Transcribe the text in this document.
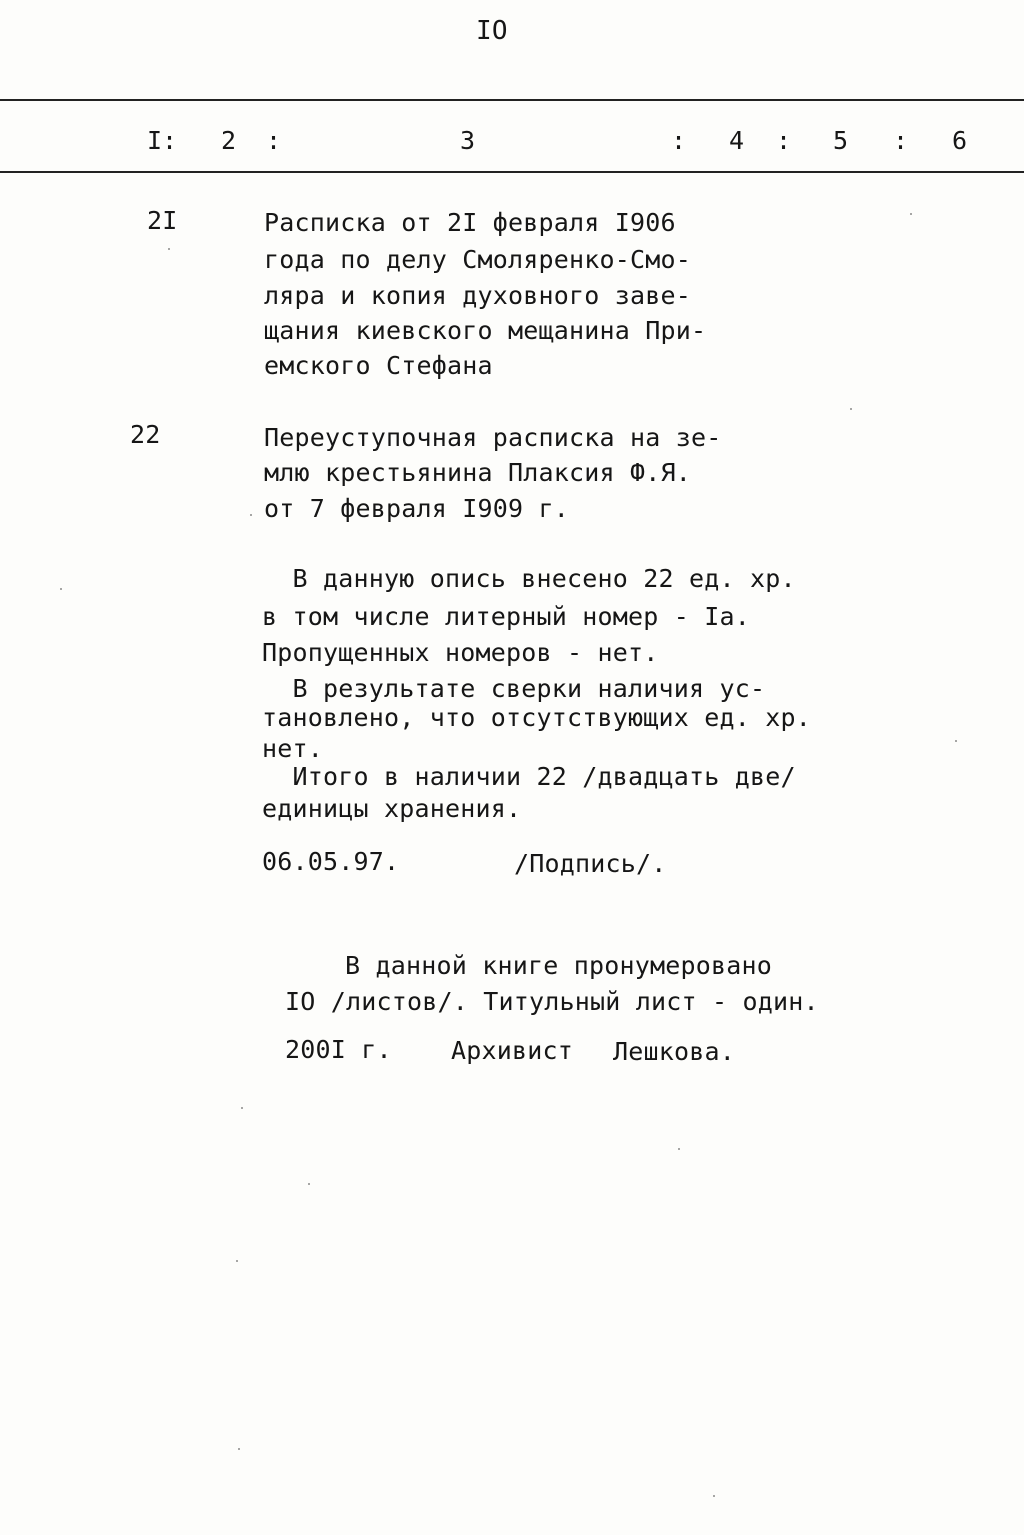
IO
I: 2 :	3	: 4 : 5 : 6
2I	Расписка от 2I февраля I906
года по делу Смоляренко-Смо-
ляра и копия духовного заве-
щания киевского мещанина При-
емского Стефана
22	Переуступочная расписка на зе-
млю крестьянина Плаксия Ф.Я.
от 7 февраля I909 г.
В данную опись внесено 22 ед. хр.
в том числе литерный номер - Iа.
Пропущенных номеров - нет.
В результате сверки наличия ус-
тановлено, что отсутствующих ед. хр.
нет.
Итого в наличии 22 /двадцать две/
единицы хранения.
06.05.97.	/Подпись/.
В данной книге пронумеровано
IO /листов/. Титульный лист - один.
200I г. Архивист Лешкова.
